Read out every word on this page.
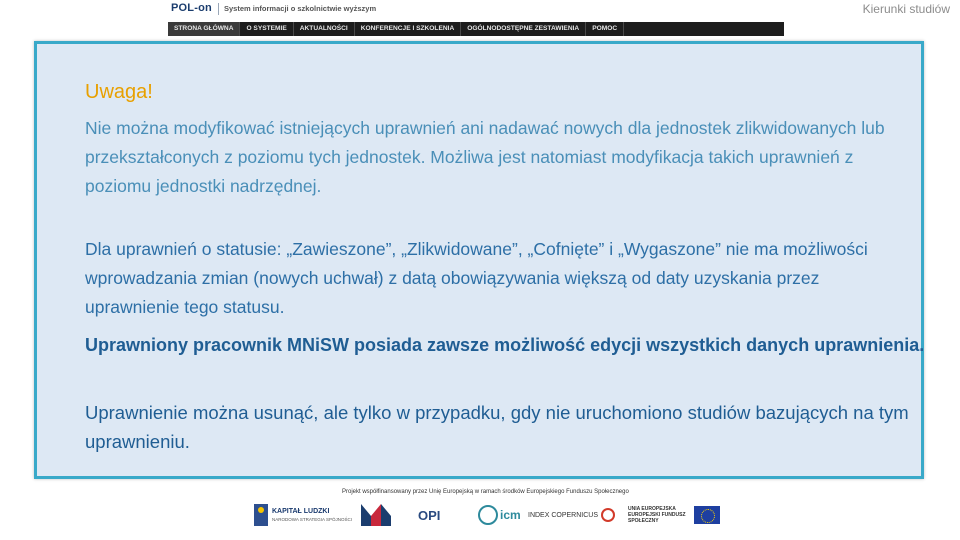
POL-on System informacji o szkolnictwie wyższym	Kierunki studiów
STRONA GŁÓWNA	O SYSTEMIE	AKTUALNOŚCI	KONFERENCJE I SZKOLENIA	OGÓLNODOSTĘPNE ZESTAWIENIA	POMOC

Uwaga!

Nie można modyfikować istniejących uprawnień ani nadawać nowych dla jednostek zlikwidowanych lub przekształconych z poziomu tych jednostek. Możliwa jest natomiast modyfikacja takich uprawnień z poziomu jednostki nadrzędnej.

Dla uprawnień o statusie: „Zawieszone”, „Zlikwidowane”, „Cofnięte” i „Wygaszone” nie ma możliwości wprowadzania zmian (nowych uchwał) z datą obowiązywania większą od daty uzyskania przez uprawnienie tego statusu.

Uprawniony pracownik MNiSW posiada zawsze możliwość edycji wszystkich danych uprawnienia.

Uprawnienie można usunąć, ale tylko w przypadku, gdy nie uruchomiono studiów bazujących na tym uprawnieniu.

Projekt współfinansowany przez Unię Europejską w ramach środków Europejskiego Funduszu Społecznego
KAPITAŁ LUDZKI
NARODOWA STRATEGIA SPÓJNOŚCI	OPI	icm INDEX COPERNICUS
UNIA EUROPEJSKA EUROPEJSKI FUNDUSZ SPOŁECZNY
